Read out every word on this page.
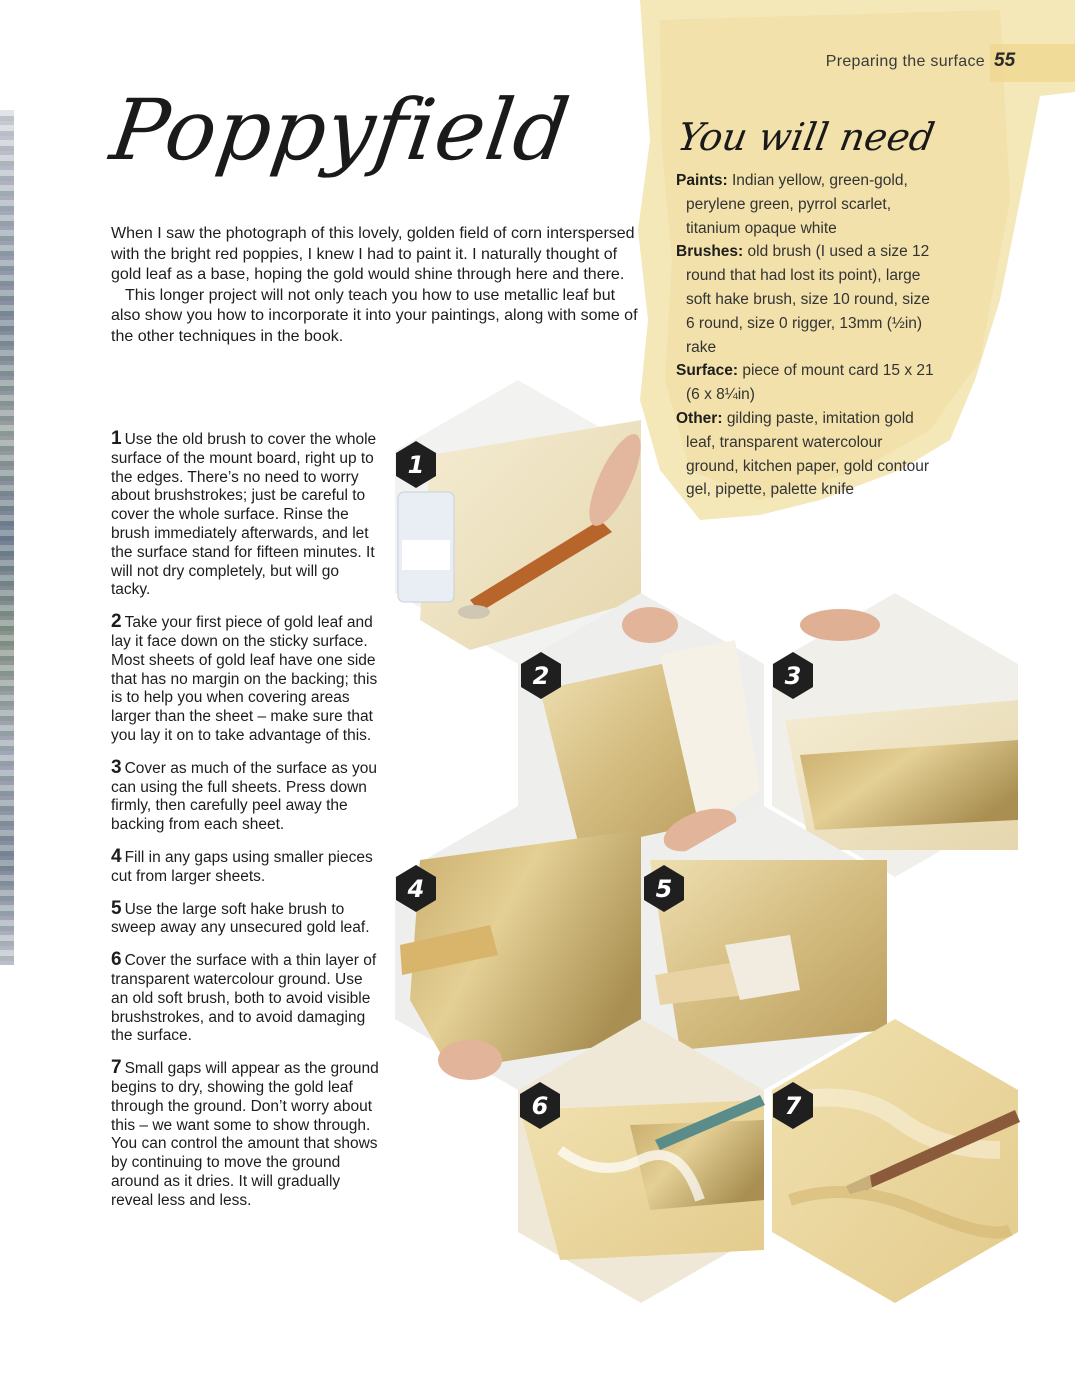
Preparing the surface 55
Poppyfield

When I saw the photograph of this lovely, golden field of corn interspersed with the bright red poppies, I knew I had to paint it. I naturally thought of gold leaf as a base, hoping the gold would shine through here and there.

This longer project will not only teach you how to use metallic leaf but also show you how to incorporate it into your paintings, along with some of the other techniques in the book.

You will need

Paints: Indian yellow, green-gold, perylene green, pyrrol scarlet, titanium opaque white

Brushes: old brush (I used a size 12 round that had lost its point), large soft hake brush, size 10 round, size 6 round, size 0 rigger, 13mm (½in) rake

Surface: piece of mount card 15 x 21 (6 x 8¼in)

Other: gilding paste, imitation gold leaf, transparent watercolour ground, kitchen paper, gold contour gel, pipette, palette knife

1 Use the old brush to cover the whole surface of the mount board, right up to the edges. There’s no need to worry about brushstrokes; just be careful to cover the whole surface. Rinse the brush immediately afterwards, and let the surface stand for fifteen minutes. It will not dry completely, but will go tacky.

2 Take your first piece of gold leaf and lay it face down on the sticky surface. Most sheets of gold leaf have one side that has no margin on the backing; this is to help you when covering areas larger than the sheet – make sure that you lay it on to take advantage of this.

3 Cover as much of the surface as you can using the full sheets. Press down firmly, then carefully peel away the backing from each sheet.

4 Fill in any gaps using smaller pieces cut from larger sheets.

5 Use the large soft hake brush to sweep away any unsecured gold leaf.

6 Cover the surface with a thin layer of transparent watercolour ground. Use an old soft brush, both to avoid visible brushstrokes, and to avoid damaging the surface.

7 Small gaps will appear as the ground begins to dry, showing the gold leaf through the ground. Don’t worry about this – we want some to show through. You can control the amount that shows by continuing to move the ground around as it dries. It will gradually reveal less and less.

1
2	3
4	5
6	7
